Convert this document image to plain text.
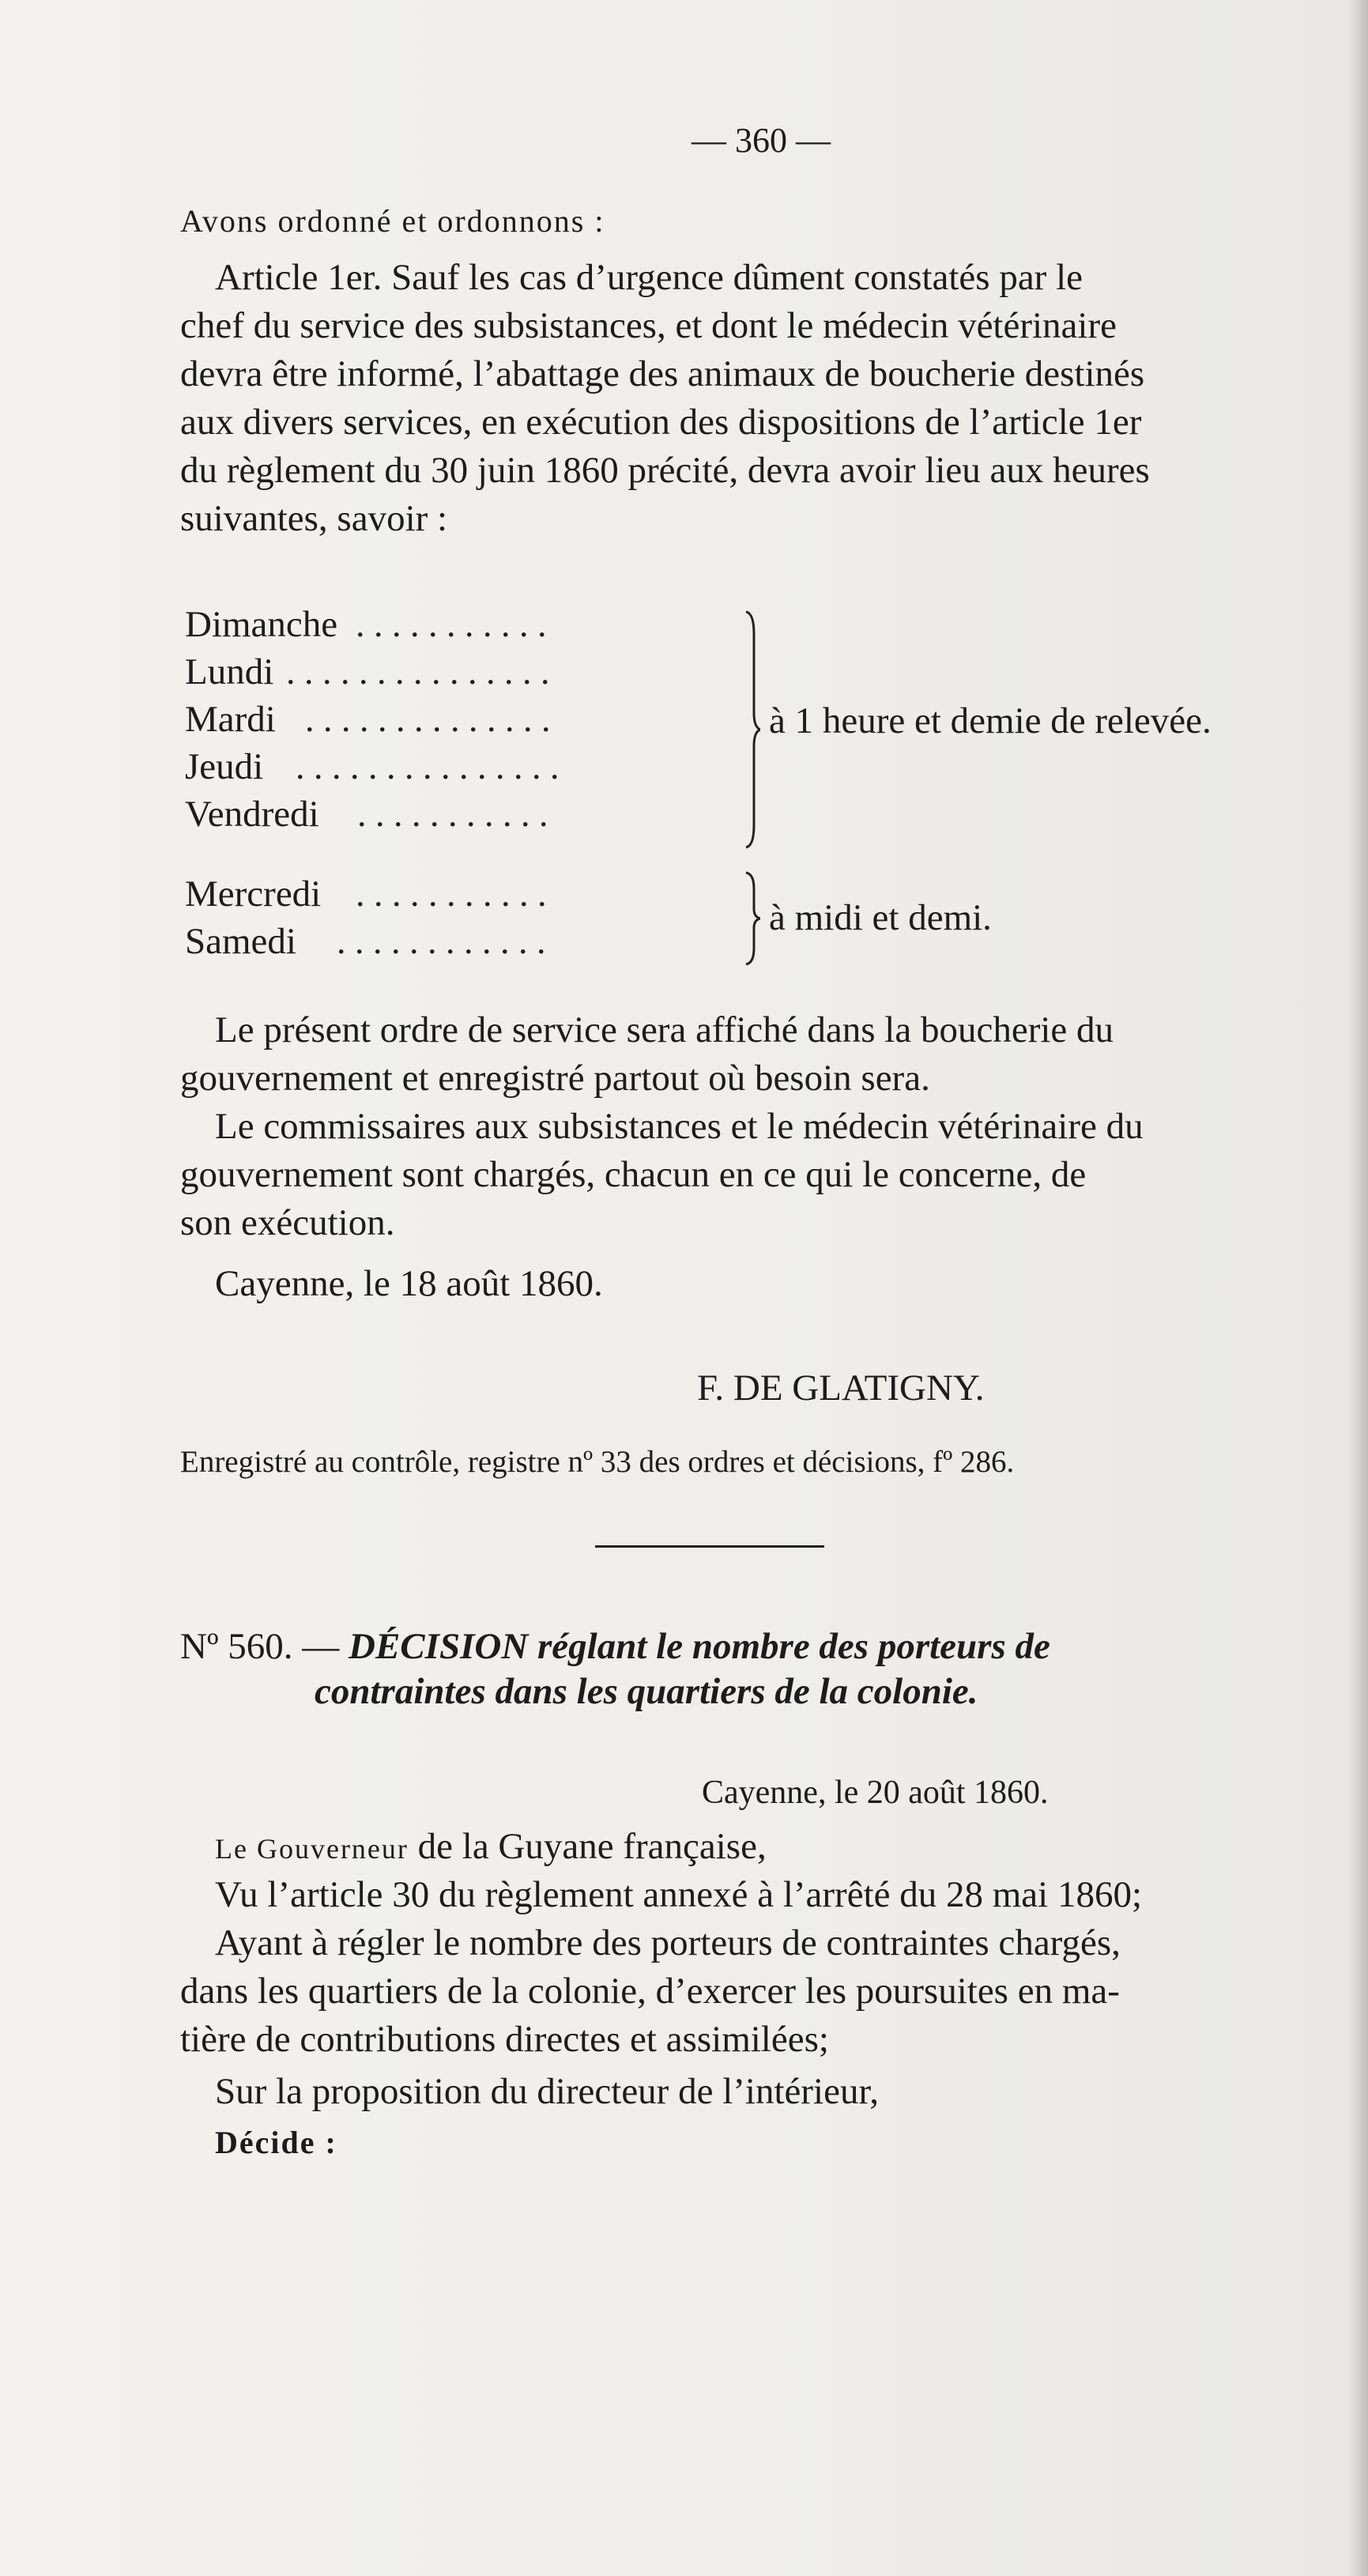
— 360 —
Avons ordonné et ordonnons :
Article 1er. Sauf les cas d’urgence dûment constatés par le
chef du service des subsistances, et dont le médecin vétérinaire
devra être informé, l’abattage des animaux de boucherie destinés
aux divers services, en exécution des dispositions de l’article 1er
du règlement du 30 juin 1860 précité, devra avoir lieu aux heures
suivantes, savoir :
Dimanche . . . . . . . . . . .
Lundi . . . . . . . . . . . . . . .
Mardi . . . . . . . . . . . . . .
Jeudi . . . . . . . . . . . . . . .
Vendredi . . . . . . . . . . .
à 1 heure et demie de relevée.
Mercredi . . . . . . . . . . .
Samedi . . . . . . . . . . . .
à midi et demi.
Le présent ordre de service sera affiché dans la boucherie du
gouvernement et enregistré partout où besoin sera.
Le commissaires aux subsistances et le médecin vétérinaire du
gouvernement sont chargés, chacun en ce qui le concerne, de
son exécution.
Cayenne, le 18 août 1860.
F. DE GLATIGNY.
Enregistré au contrôle, registre nº 33 des ordres et décisions, fº 286.
Nº 560. — DÉCISION réglant le nombre des porteurs de
contraintes dans les quartiers de la colonie.
Cayenne, le 20 août 1860.
Le Gouverneur de la Guyane française,
Vu l’article 30 du règlement annexé à l’arrêté du 28 mai 1860;
Ayant à régler le nombre des porteurs de contraintes chargés,
dans les quartiers de la colonie, d’exercer les poursuites en ma-
tière de contributions directes et assimilées;
Sur la proposition du directeur de l’intérieur,
Décide :
